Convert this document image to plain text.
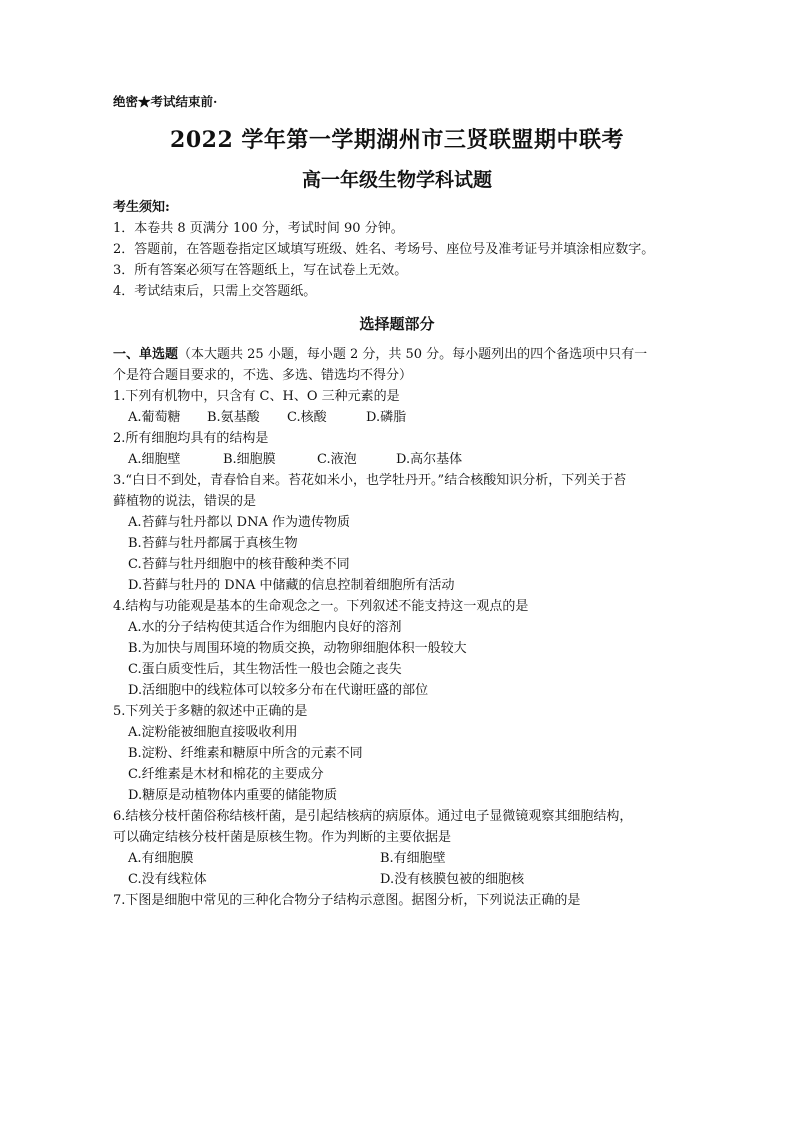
绝密★考试结束前·
2022 学年第一学期湖州市三贤联盟期中联考
高一年级生物学科试题
考生须知:
1．本卷共 8 页满分 100 分，考试时间 90 分钟。
2．答题前，在答题卷指定区域填写班级、姓名、考场号、座位号及准考证号并填涂相应数字。
3．所有答案必须写在答题纸上，写在试卷上无效。
4．考试结束后，只需上交答题纸。
选择题部分
一、单选题（本大题共 25 小题，每小题 2 分，共 50 分。每小题列出的四个备选项中只有一
个是符合题目要求的，不选、多选、错选均不得分）
1.下列有机物中，只含有 C、H、O 三种元素的是
A.葡萄糖 B.氨基酸 C.核酸	D.磷脂
2.所有细胞均具有的结构是
A.细胞壁	B.细胞膜	C.液泡	D.高尔基体
3.“白日不到处，青春恰自来。苔花如米小，也学牡丹开。”结合核酸知识分析，下列关于苔
藓植物的说法，错误的是
A.苔藓与牡丹都以 DNA 作为遗传物质
B.苔藓与牡丹都属于真核生物
C.苔藓与牡丹细胞中的核苷酸种类不同
D.苔藓与牡丹的 DNA 中储藏的信息控制着细胞所有活动
4.结构与功能观是基本的生命观念之一。下列叙述不能支持这一观点的是
A.水的分子结构使其适合作为细胞内良好的溶剂
B.为加快与周围环境的物质交换，动物卵细胞体积一般较大
C.蛋白质变性后，其生物活性一般也会随之丧失
D.活细胞中的线粒体可以较多分布在代谢旺盛的部位
5.下列关于多糖的叙述中正确的是
A.淀粉能被细胞直接吸收利用
B.淀粉、纤维素和糖原中所含的元素不同
C.纤维素是木材和棉花的主要成分
D.糖原是动植物体内重要的储能物质
6.结核分枝杆菌俗称结核杆菌，是引起结核病的病原体。通过电子显微镜观察其细胞结构，
可以确定结核分枝杆菌是原核生物。作为判断的主要依据是
A.有细胞膜	B.有细胞壁
C.没有线粒体	D.没有核膜包被的细胞核
7.下图是细胞中常见的三种化合物分子结构示意图。据图分析，下列说法正确的是
